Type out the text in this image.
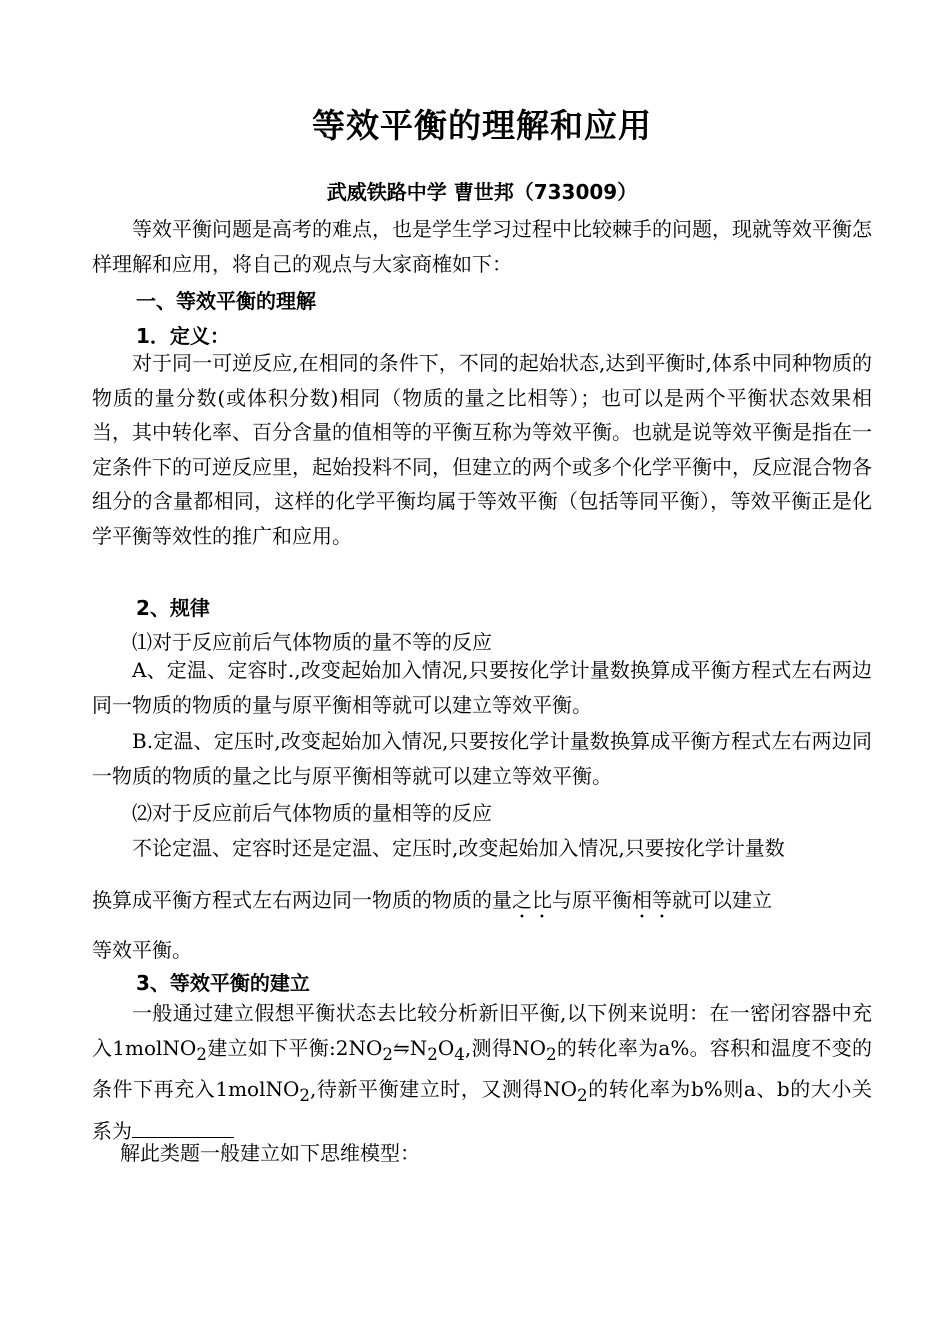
等效平衡的理解和应用
武威铁路中学 曹世邦（733009）

等效平衡问题是高考的难点，也是学生学习过程中比较棘手的问题，现就等效平衡怎样理解和应用，将自己的观点与大家商榷如下：

一、等效平衡的理解

1．定义：

对于同一可逆反应,在相同的条件下，不同的起始状态,达到平衡时,体系中同种物质的物质的量分数(或体积分数)相同（物质的量之比相等）；也可以是两个平衡状态效果相当，其中转化率、百分含量的值相等的平衡互称为等效平衡。也就是说等效平衡是指在一定条件下的可逆反应里，起始投料不同，但建立的两个或多个化学平衡中，反应混合物各组分的含量都相同，这样的化学平衡均属于等效平衡（包括等同平衡），等效平衡正是化学平衡等效性的推广和应用。

2、规律

⑴对于反应前后气体物质的量不等的反应

A、定温、定容时.,改变起始加入情况,只要按化学计量数换算成平衡方程式左右两边同一物质的物质的量与原平衡相等就可以建立等效平衡。

B.定温、定压时,改变起始加入情况,只要按化学计量数换算成平衡方程式左右两边同一物质的物质的量之比与原平衡相等就可以建立等效平衡。

⑵对于反应前后气体物质的量相等的反应

不论定温、定容时还是定温、定压时,改变起始加入情况,只要按化学计量数

换算成平衡方程式左右两边同一物质的物质的量之比与原平衡相等就可以建立

等效平衡。

3、等效平衡的建立

一般通过建立假想平衡状态去比较分析新旧平衡,以下例来说明：在一密闭容器中充入1molNO$_2$建立如下平衡$:2NO_2⇋N_2O_4$,测得$NO_2$的转化率为a%。容积和温度不变的条件下再充入1molNO$_2$,待新平衡建立时，又测得$NO_2$的转化率为b%则a、b的大小关系为

解此类题一般建立如下思维模型：
